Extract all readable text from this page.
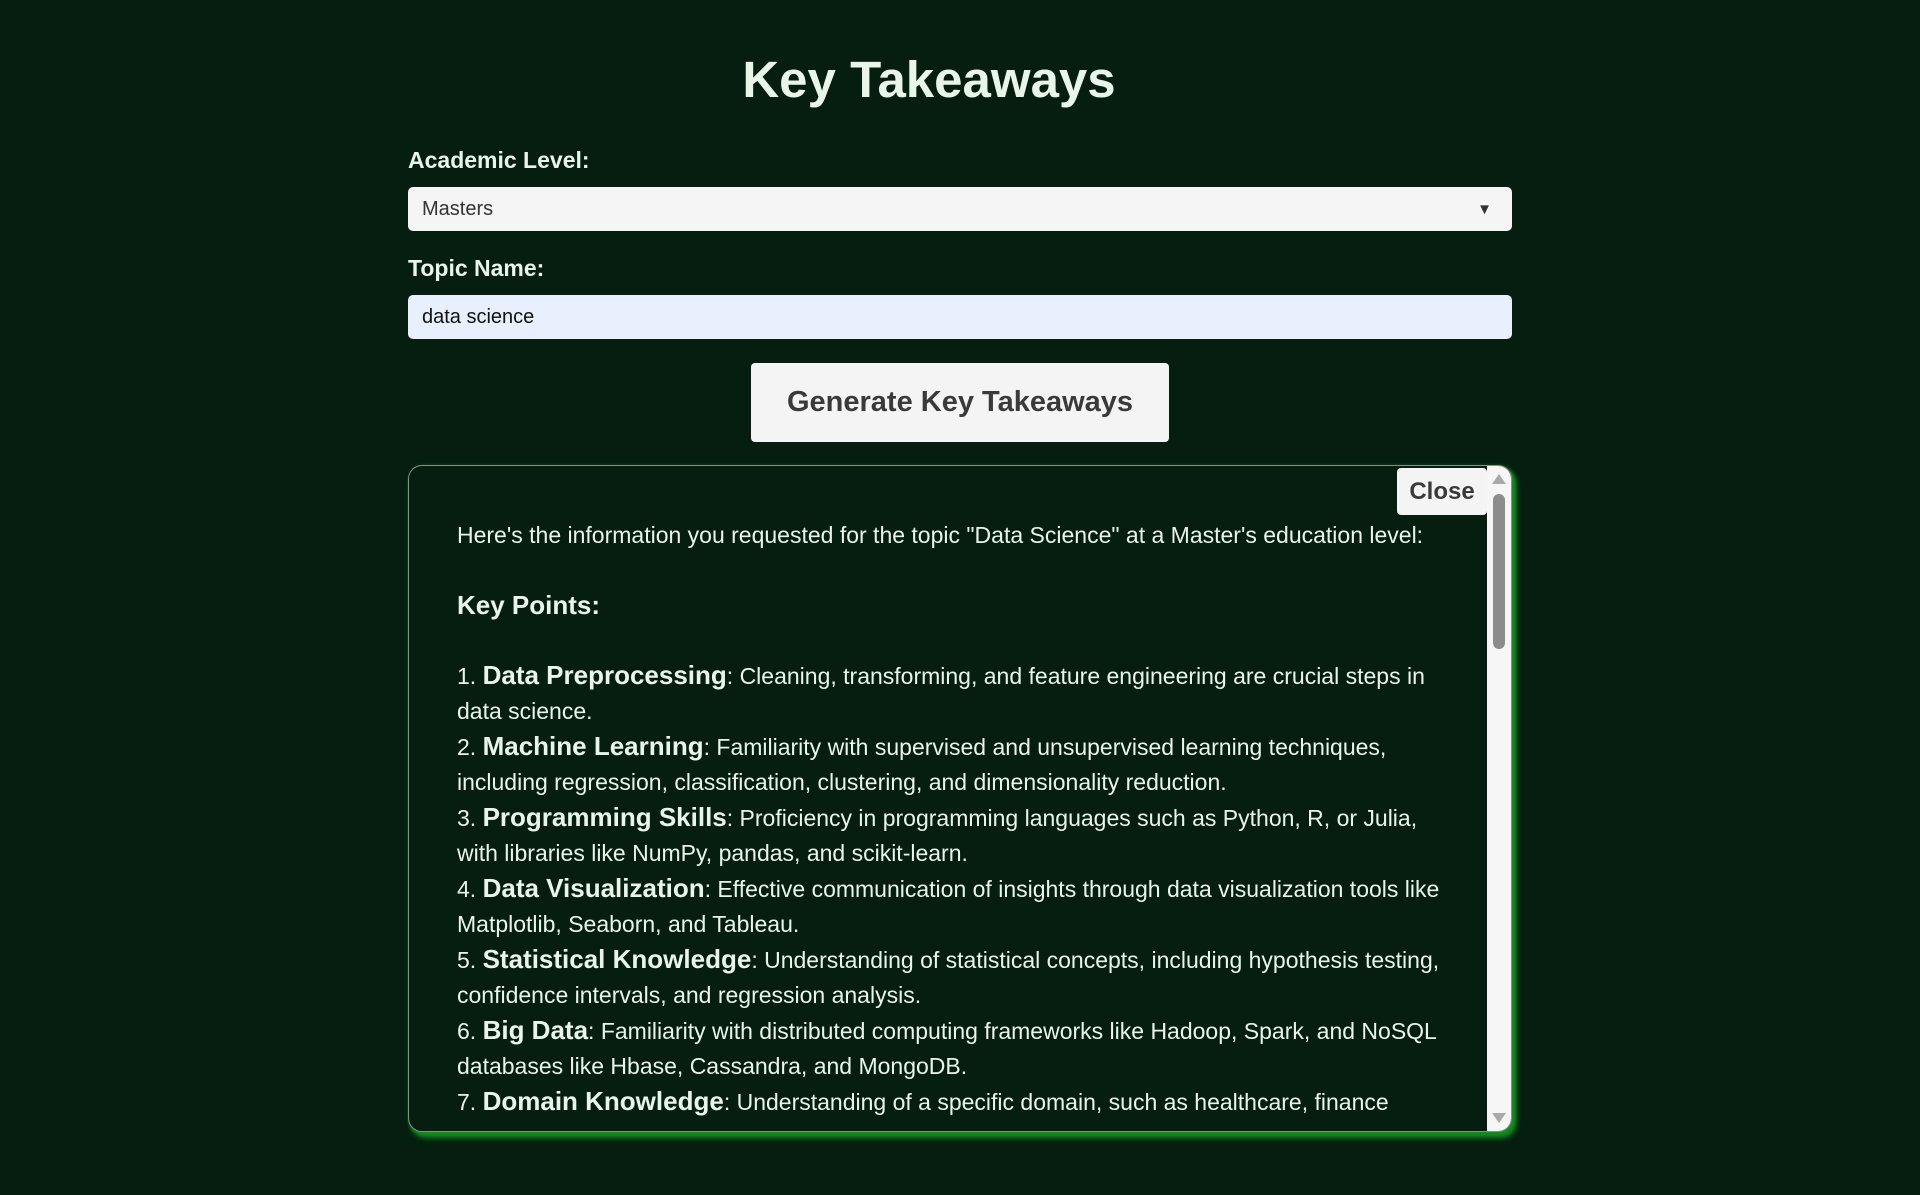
Key Takeaways
Academic Level:
Masters	▼
Topic Name:
data science
Generate Key Takeaways
Close

Here's the information you requested for the topic "Data Science" at a Master's education level:

Key Points:

1. Data Preprocessing: Cleaning, transforming, and feature engineering are crucial steps in data science.

2. Machine Learning: Familiarity with supervised and unsupervised learning techniques, including regression, classification, clustering, and dimensionality reduction.

3. Programming Skills: Proficiency in programming languages such as Python, R, or Julia, with libraries like NumPy, pandas, and scikit-learn.

4. Data Visualization: Effective communication of insights through data visualization tools like Matplotlib, Seaborn, and Tableau.

5. Statistical Knowledge: Understanding of statistical concepts, including hypothesis testing, confidence intervals, and regression analysis.

6. Big Data: Familiarity with distributed computing frameworks like Hadoop, Spark, and NoSQL databases like Hbase, Cassandra, and MongoDB.

7. Domain Knowledge: Understanding of a specific domain, such as healthcare, finance
